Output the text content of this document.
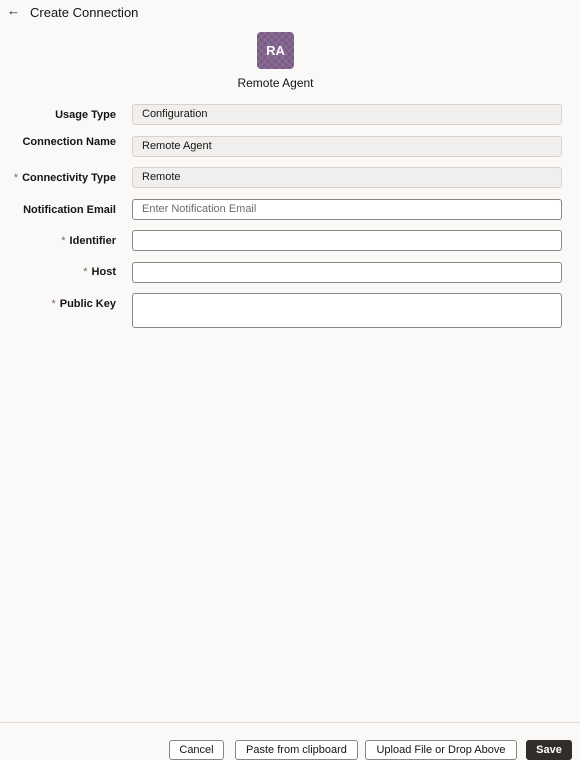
← Create Connection
RA
Remote Agent
Usage Type	Configuration
Connection Name	Remote Agent
* Connectivity Type	Remote
Notification Email	Enter Notification Email
* Identifier
* Host
* Public Key
Cancel	Paste from clipboard	Upload File or Drop Above	Save
